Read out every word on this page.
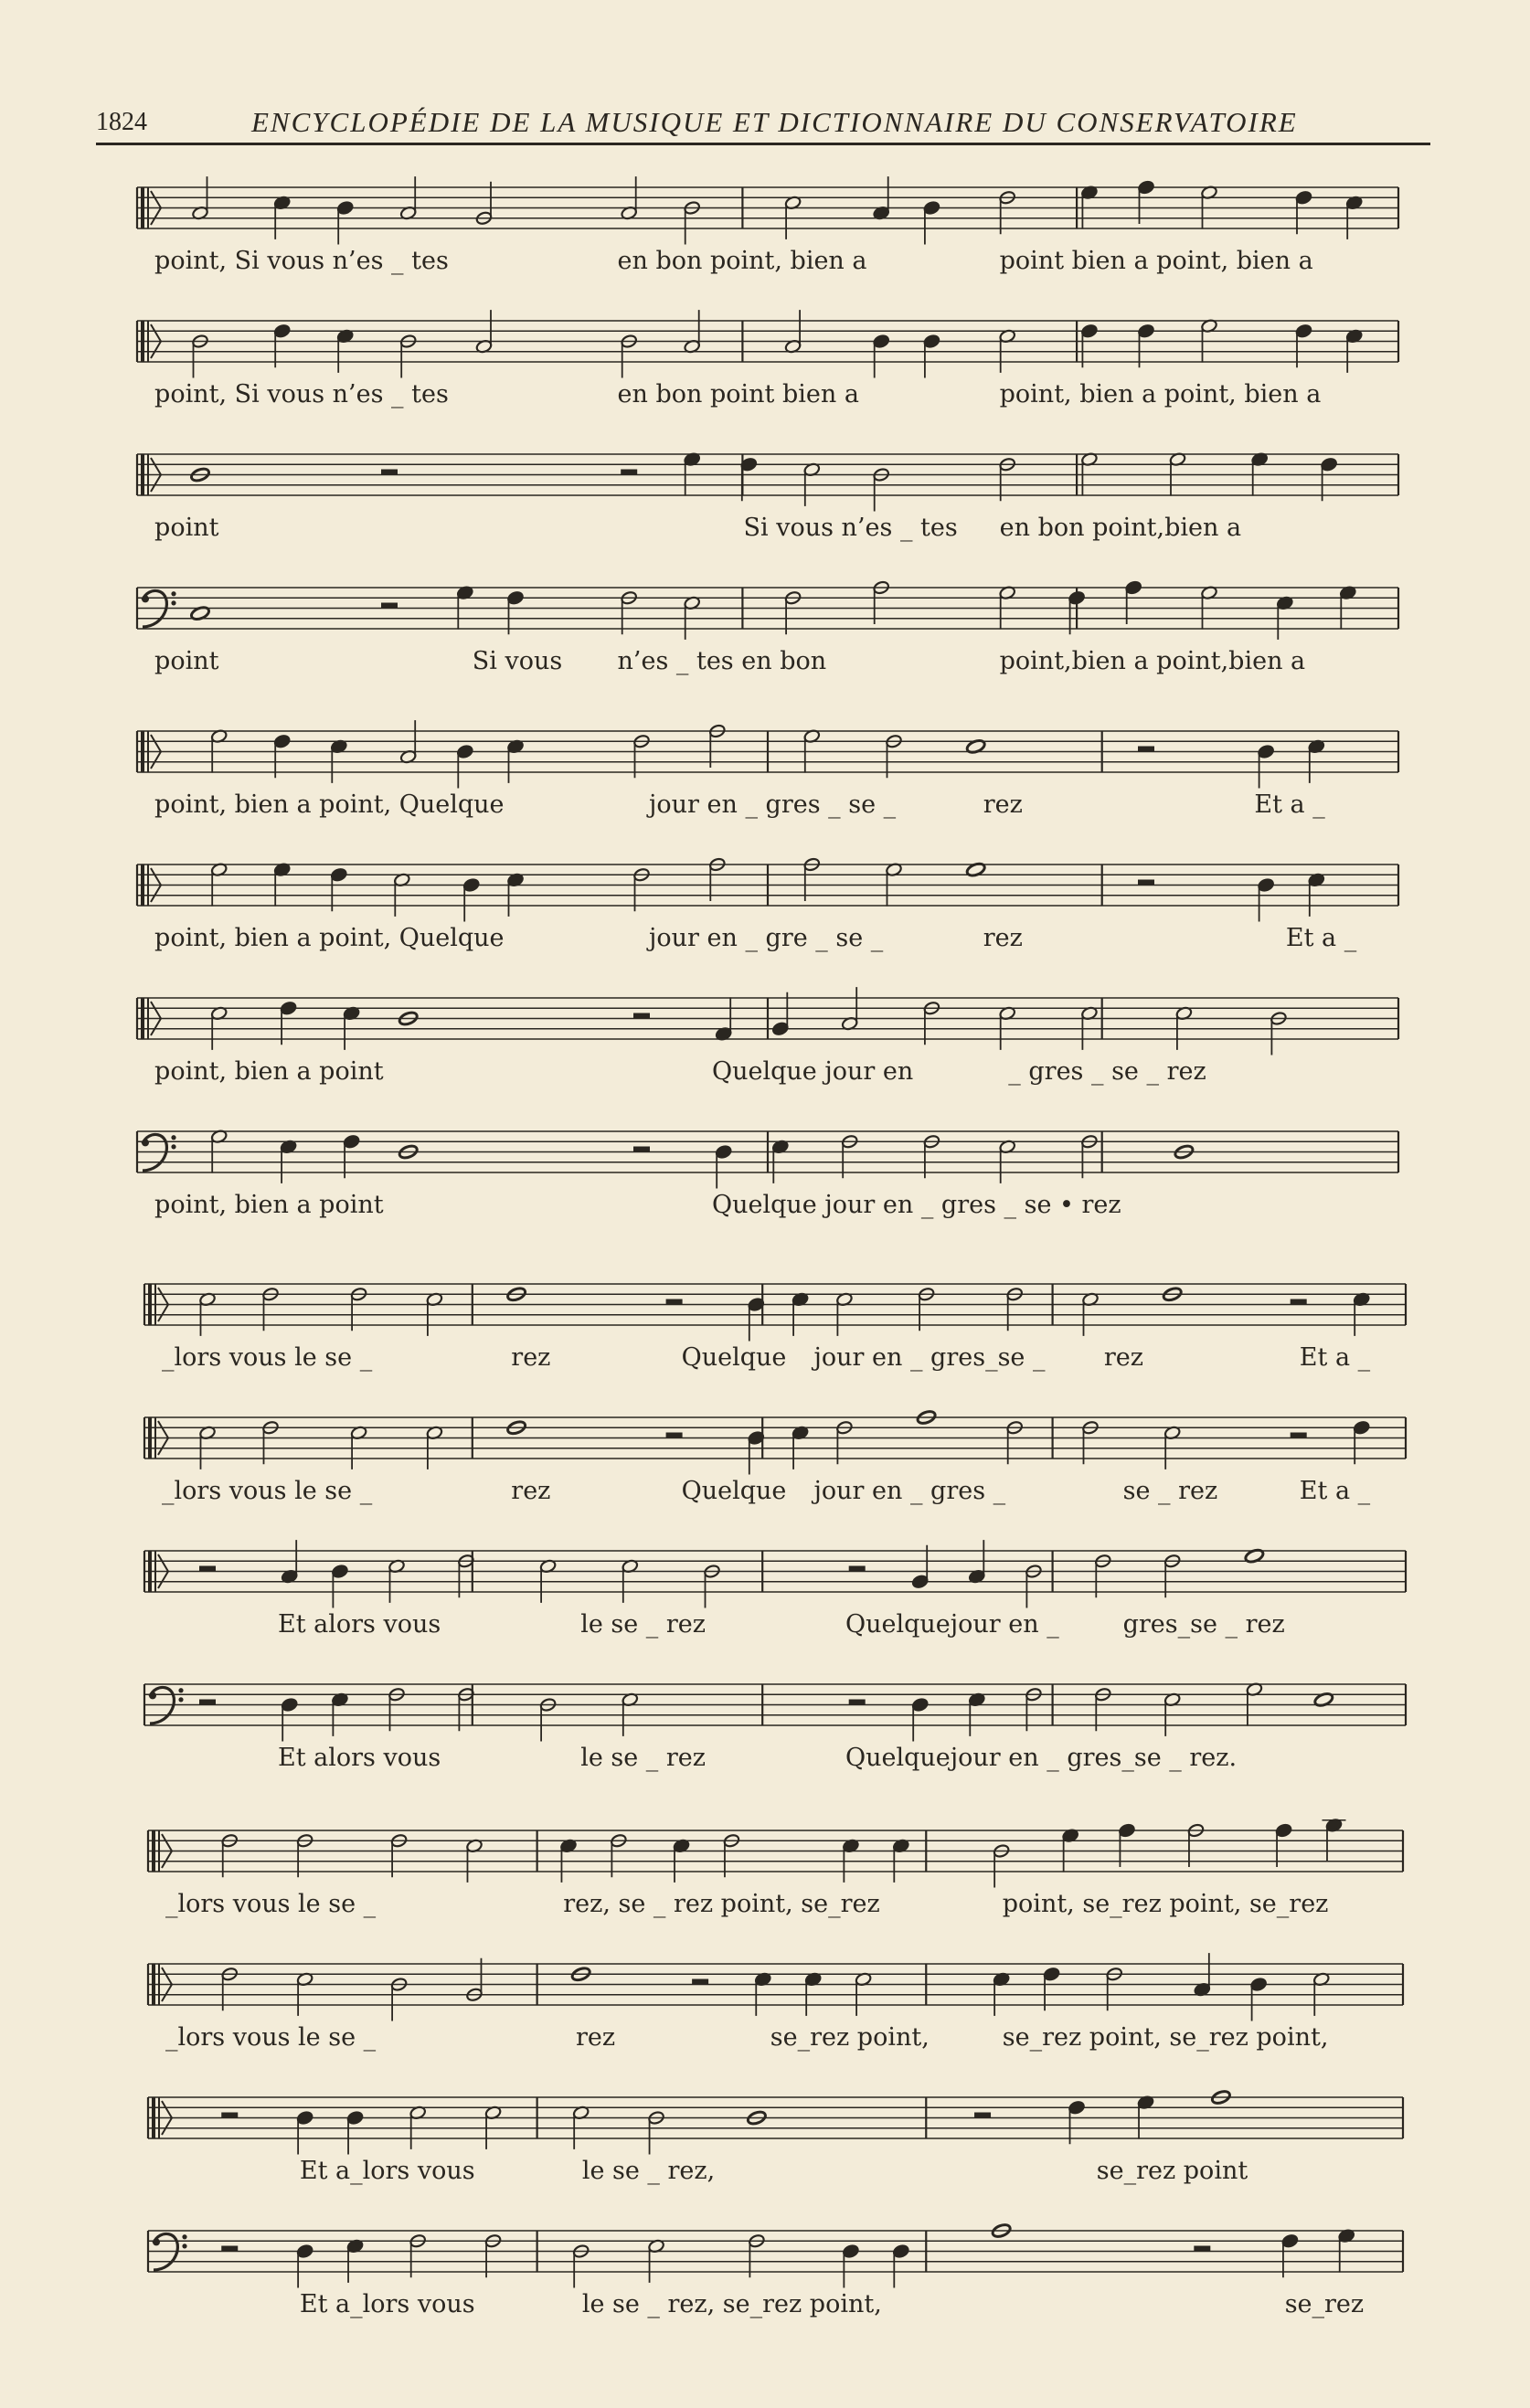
1824	ENCYCLOPÉDIE DE LA MUSIQUE ET DICTIONNAIRE DU CONSERVATOIRE
point, Si vous n’es _ tes	en bon point, bien a	point bien a point, bien a
point, Si vous n’es _ tes	en bon point bien a	point, bien a point, bien a
point	Si vous n’es _ tes en bon point,bien a
point	Si vous n’es _ tes en bon	point,bien a point,bien a
point, bien a point, Quelque	jour en _ gres _ se _	rez	Et a _
point, bien a point, Quelque	jour en _ gre _ se _	rez	Et a _
point, bien a point	Quelque jour en	_ gres _ se _ rez
point, bien a point	Quelque jour en _ gres _ se • rez
_lors vous le se _	rez	Quelque jour en _ gres_se _ rez	Et a _
_lors vous le se _	rez	Quelque jour en _ gres _	se _ rez	Et a _
Et alors vous	le se _ rez	Quelquejour en _	gres_se _ rez
Et alors vous	le se _ rez	Quelquejour en _ gres_se _ rez.
_lors vous le se _	rez, se _ rez point, se_rez	point, se_rez point, se_rez
_lors vous le se _	rez	se_rez point,	se_rez point, se_rez point,
Et a_lors vous	le se _ rez,	se_rez point
Et a_lors vous	le se _ rez, se_rez point,	se_rez
